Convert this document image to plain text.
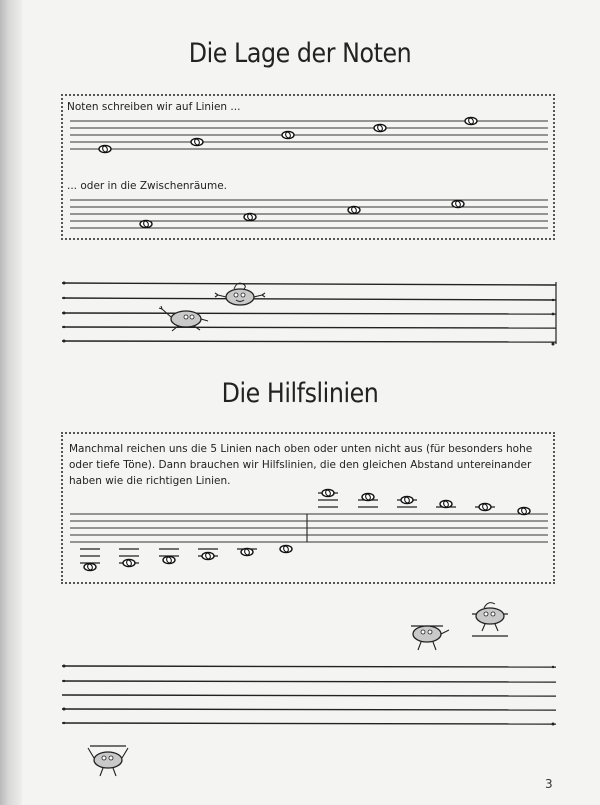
Die Lage der Noten

Noten schreiben wir auf Linien ...

... oder in die Zwischenräume.

Die Hilfslinien

Manchmal reichen uns die 5 Linien nach oben oder unten nicht aus (für besonders hohe oder tiefe Töne). Dann brauchen wir Hilfslinien, die den gleichen Abstand untereinander haben wie die richtigen Linien.

3
